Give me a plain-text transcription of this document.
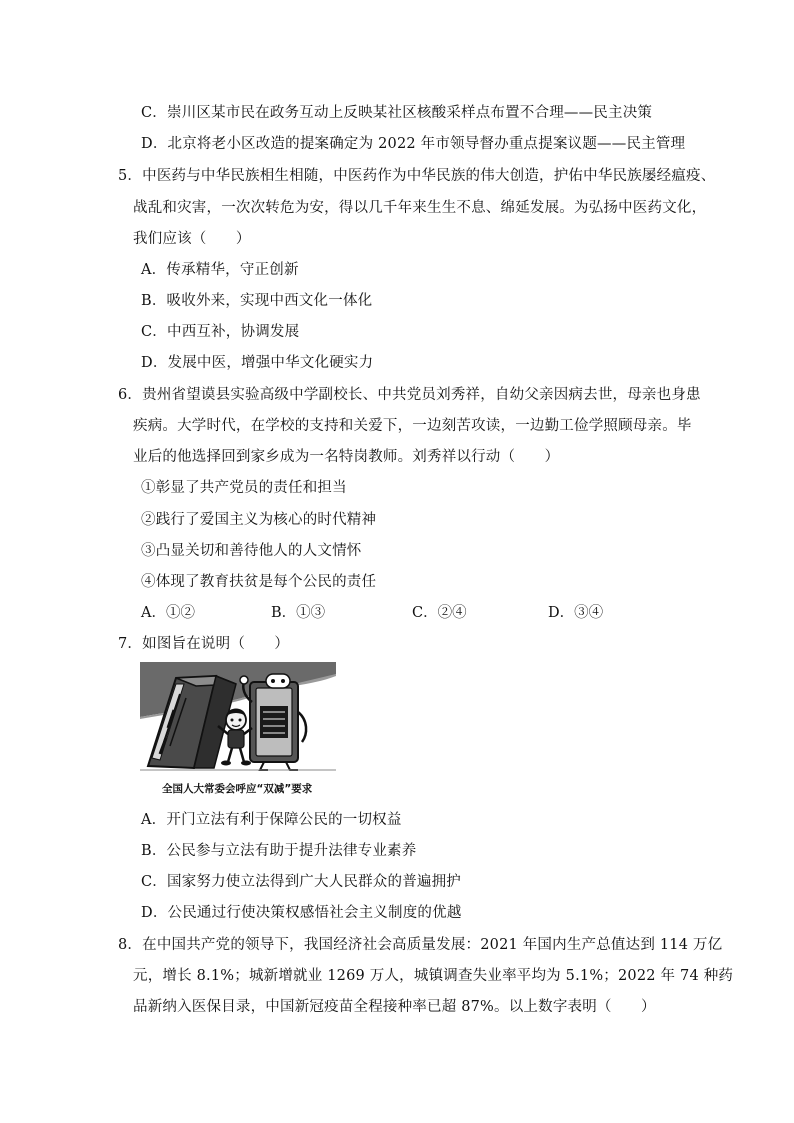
C．崇川区某市民在政务互动上反映某社区核酸采样点布置不合理——民主决策
D．北京将老小区改造的提案确定为 2022 年市领导督办重点提案议题——民主管理
5．中医药与中华民族相生相随，中医药作为中华民族的伟大创造，护佑中华民族屡经瘟疫、
战乱和灾害，一次次转危为安，得以几千年来生生不息、绵延发展。为弘扬中医药文化，
我们应该（　　）
A．传承精华，守正创新
B．吸收外来，实现中西文化一体化
C．中西互补，协调发展
D．发展中医，增强中华文化硬实力
6．贵州省望谟县实验高级中学副校长、中共党员刘秀祥，自幼父亲因病去世，母亲也身患
疾病。大学时代，在学校的支持和关爱下，一边刻苦攻读，一边勤工俭学照顾母亲。毕
业后的他选择回到家乡成为一名特岗教师。刘秀祥以行动（　　）
①彰显了共产党员的责任和担当
②践行了爱国主义为核心的时代精神
③凸显关切和善待他人的人文情怀
④体现了教育扶贫是每个公民的责任
A．①②	B．①③	C．②④	D．③④
7．如图旨在说明（　　）
全国人大常委会呼应“双减”要求
A．开门立法有利于保障公民的一切权益
B．公民参与立法有助于提升法律专业素养
C．国家努力使立法得到广大人民群众的普遍拥护
D．公民通过行使决策权感悟社会主义制度的优越
8．在中国共产党的领导下，我国经济社会高质量发展：2021 年国内生产总值达到 114 万亿
元，增长 8.1%；城新增就业 1269 万人，城镇调查失业率平均为 5.1%；2022 年 74 种药
品新纳入医保目录，中国新冠疫苗全程接种率已超 87%。以上数字表明（　　）
